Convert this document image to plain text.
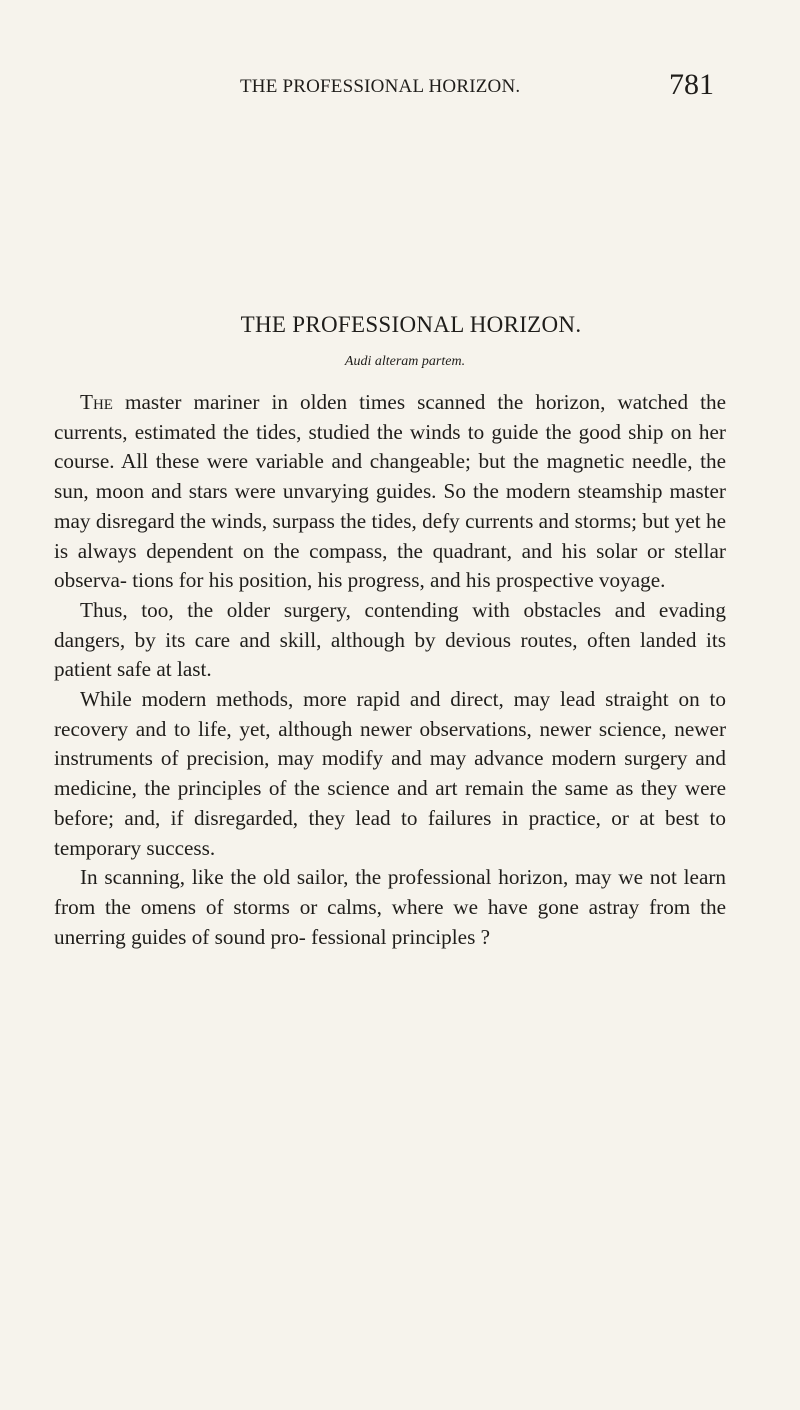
THE PROFESSIONAL HORIZON.	781
THE PROFESSIONAL HORIZON.
Audi alteram partem.

The master mariner in olden times scanned the horizon, watched the currents, estimated the tides, studied the winds to guide the good ship on her course. All these were variable and changeable; but the magnetic needle, the sun, moon and stars were unvarying guides. So the modern steamship master may disregard the winds, surpass the tides, defy currents and storms; but yet he is always dependent on the compass, the quadrant, and his solar or stellar observa- tions for his position, his progress, and his prospective voyage.

Thus, too, the older surgery, contending with obstacles and evading dangers, by its care and skill, although by devious routes, often landed its patient safe at last.

While modern methods, more rapid and direct, may lead straight on to recovery and to life, yet, although newer observations, newer science, newer instruments of precision, may modify and may advance modern surgery and medicine, the principles of the science and art remain the same as they were before; and, if disregarded, they lead to failures in practice, or at best to temporary success.

In scanning, like the old sailor, the professional horizon, may we not learn from the omens of storms or calms, where we have gone astray from the unerring guides of sound pro- fessional principles ?
